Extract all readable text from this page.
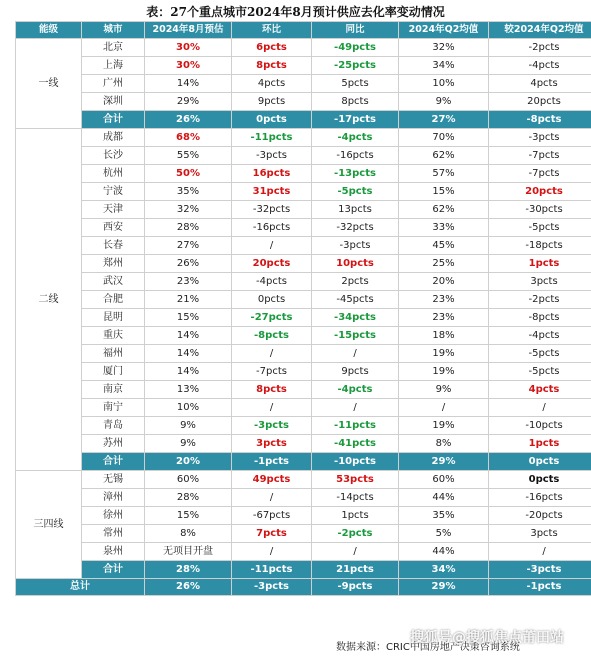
表：27个重点城市2024年8月预计供应去化率变动情况
能级	城市	2024年8月预估	环比	同比	2024年Q2均值	较2024年Q2均值
一线	北京	30%	6pcts	-49pcts	32%	-2pcts
	上海	30%	8pcts	-25pcts	34%	-4pcts
	广州	14%	4pcts	5pcts	10%	4pcts
	深圳	29%	9pcts	8pcts	9%	20pcts
	合计	26%	0pcts	-17pcts	27%	-8pcts
二线	成都	68%	-11pcts	-4pcts	70%	-3pcts
	长沙	55%	-3pcts	-16pcts	62%	-7pcts
	杭州	50%	16pcts	-13pcts	57%	-7pcts
	宁波	35%	31pcts	-5pcts	15%	20pcts
	天津	32%	-32pcts	13pcts	62%	-30pcts
	西安	28%	-16pcts	-32pcts	33%	-5pcts
	长春	27%	/	-3pcts	45%	-18pcts
	郑州	26%	20pcts	10pcts	25%	1pcts
	武汉	23%	-4pcts	2pcts	20%	3pcts
	合肥	21%	0pcts	-45pcts	23%	-2pcts
	昆明	15%	-27pcts	-34pcts	23%	-8pcts
	重庆	14%	-8pcts	-15pcts	18%	-4pcts
	福州	14%	/	/	19%	-5pcts
	厦门	14%	-7pcts	9pcts	19%	-5pcts
	南京	13%	8pcts	-4pcts	9%	4pcts
	南宁	10%	/	/	/	/
	青岛	9%	-3pcts	-11pcts	19%	-10pcts
	苏州	9%	3pcts	-41pcts	8%	1pcts
	合计	20%	-1pcts	-10pcts	29%	0pcts
三四线	无锡	60%	49pcts	53pcts	60%	0pcts
	漳州	28%	/	-14pcts	44%	-16pcts
	徐州	15%	-67pcts	1pcts	35%	-20pcts
	常州	8%	7pcts	-2pcts	5%	3pcts
	泉州	无项目开盘	/	/	44%	/
	合计	28%	-11pcts	21pcts	34%	-3pcts
总计		26%	-3pcts	-9pcts	29%	-1pcts
数据来源：CRIC中国房地产决策咨询系统
搜狐号@搜狐焦点莆田站
